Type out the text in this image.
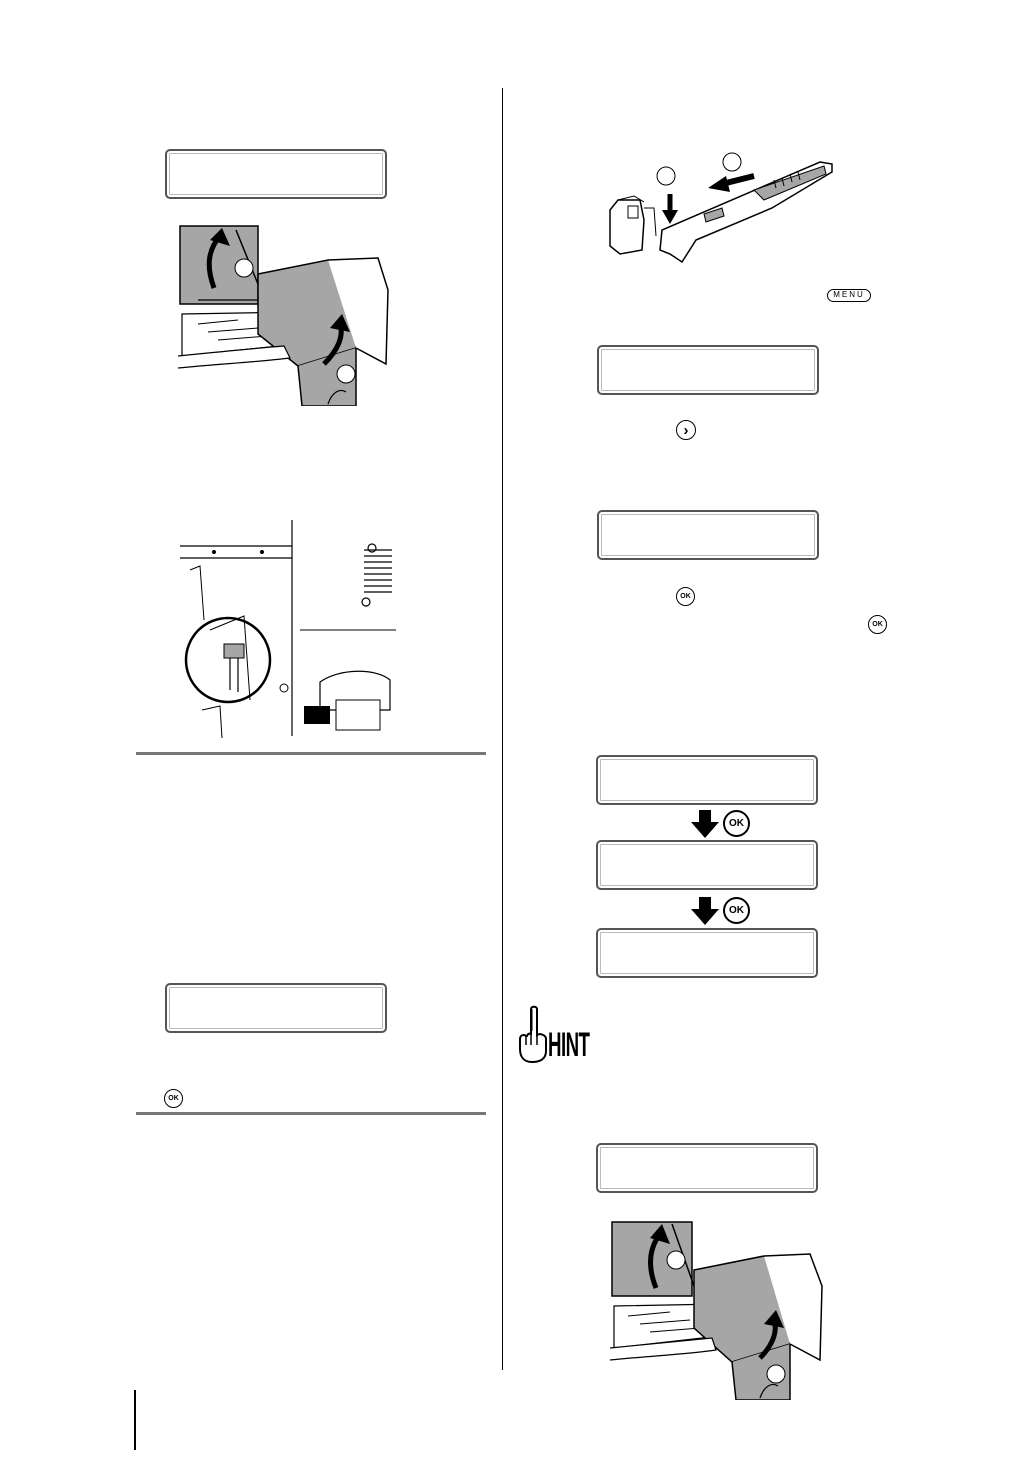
OK
MENU
›
OK
OK
OK
OK
HINT
